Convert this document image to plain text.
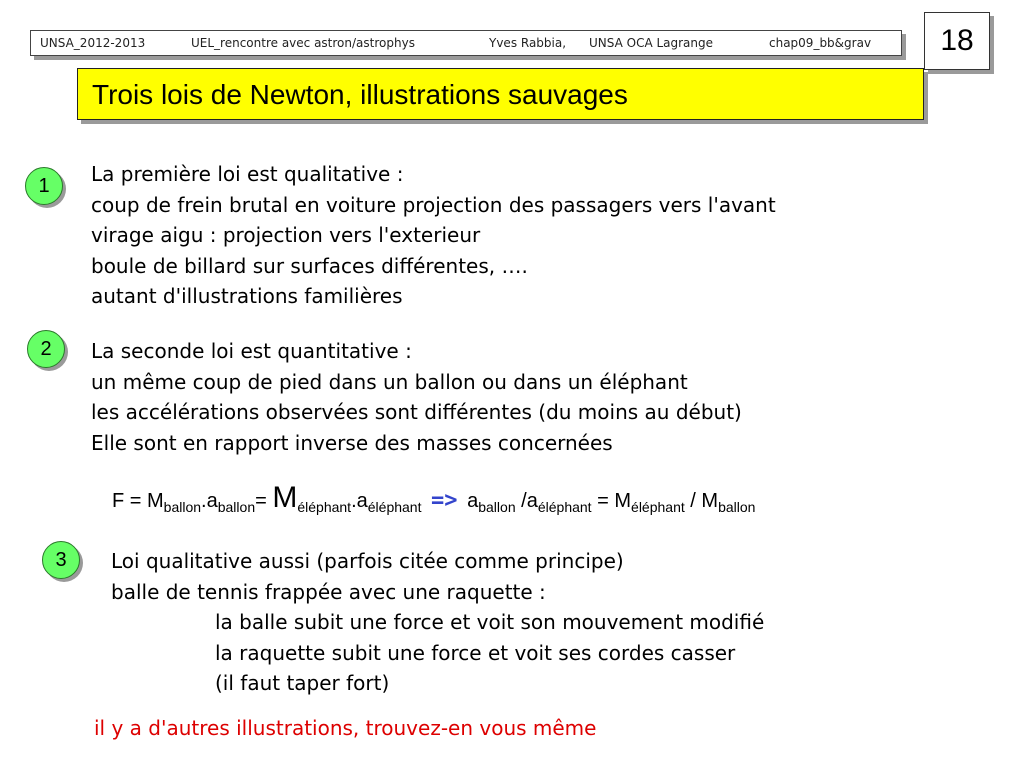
UNSA_2012-2013	UEL_rencontre avec astron/astrophys	Yves Rabbia, UNSA OCA Lagrange	chap09_bb&grav	18
Trois lois de Newton, illustrations sauvages
1	La première loi est qualitative :
coup de frein brutal en voiture projection des passagers vers l'avant
virage aigu : projection vers l'exterieur
boule de billard sur surfaces différentes, ….
autant d'illustrations familières
2	La seconde loi est quantitative :
un même coup de pied dans un ballon ou dans un éléphant
les accélérations observées sont différentes (du moins au début)
Elle sont en rapport inverse des masses concernées
$F = M_{ballon}.a_{ballon}= M_{éléphant}.a_{éléphant} => a_{ballon}$ $/a_{éléphant} = M_{éléphant} / M_{ballon}$
3	Loi qualitative aussi (parfois citée comme principe)
balle de tennis frappée avec une raquette :
la balle subit une force et voit son mouvement modifié
la raquette subit une force et voit ses cordes casser
(il faut taper fort)
il y a d'autres illustrations, trouvez-en vous même
